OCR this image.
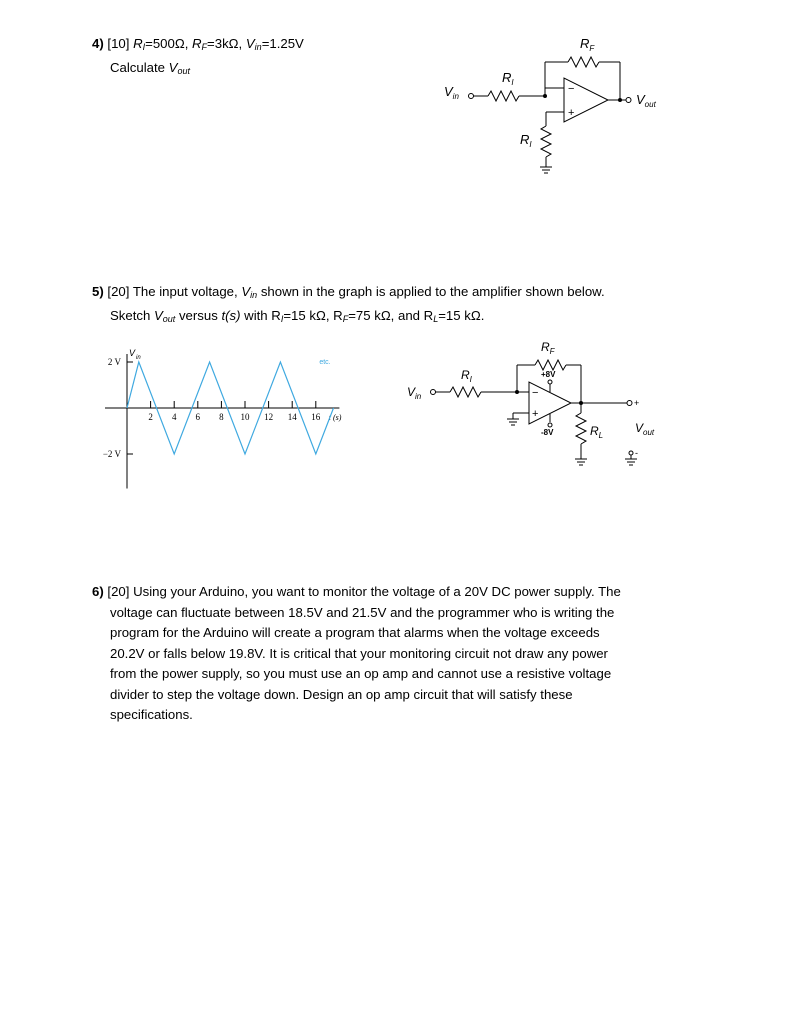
4) [10] $R_I=500\Omega$, $R_F=3k\Omega$, $V_{in}=1.25V$
Calculate $V_{out}$
$R_F$
$R_I$
$R_I$
$V_{in}$	$V_{out}$
−
+
5) [20] The input voltage, $V_{in}$ shown in the graph is applied to the amplifier shown below.
Sketch $V_{out}$ versus t(s) with $R_I=15$ kΩ, $R_F=75$ kΩ, and $R_L=15$ kΩ.
2 V
−2 V
2 4 6 8 10 12 14 16 t (s)
V in
etc.
$R_F$
$R_I$
$R_L$
$V_{in}$
$V_{out}$
+8V
-8V
−
+
+
-
6) [20] Using your Arduino, you want to monitor the voltage of a 20V DC power supply. The
voltage can fluctuate between 18.5V and 21.5V and the programmer who is writing the
program for the Arduino will create a program that alarms when the voltage exceeds
20.2V or falls below 19.8V. It is critical that your monitoring circuit not draw any power
from the power supply, so you must use an op amp and cannot use a resistive voltage
divider to step the voltage down. Design an op amp circuit that will satisfy these
specifications.
